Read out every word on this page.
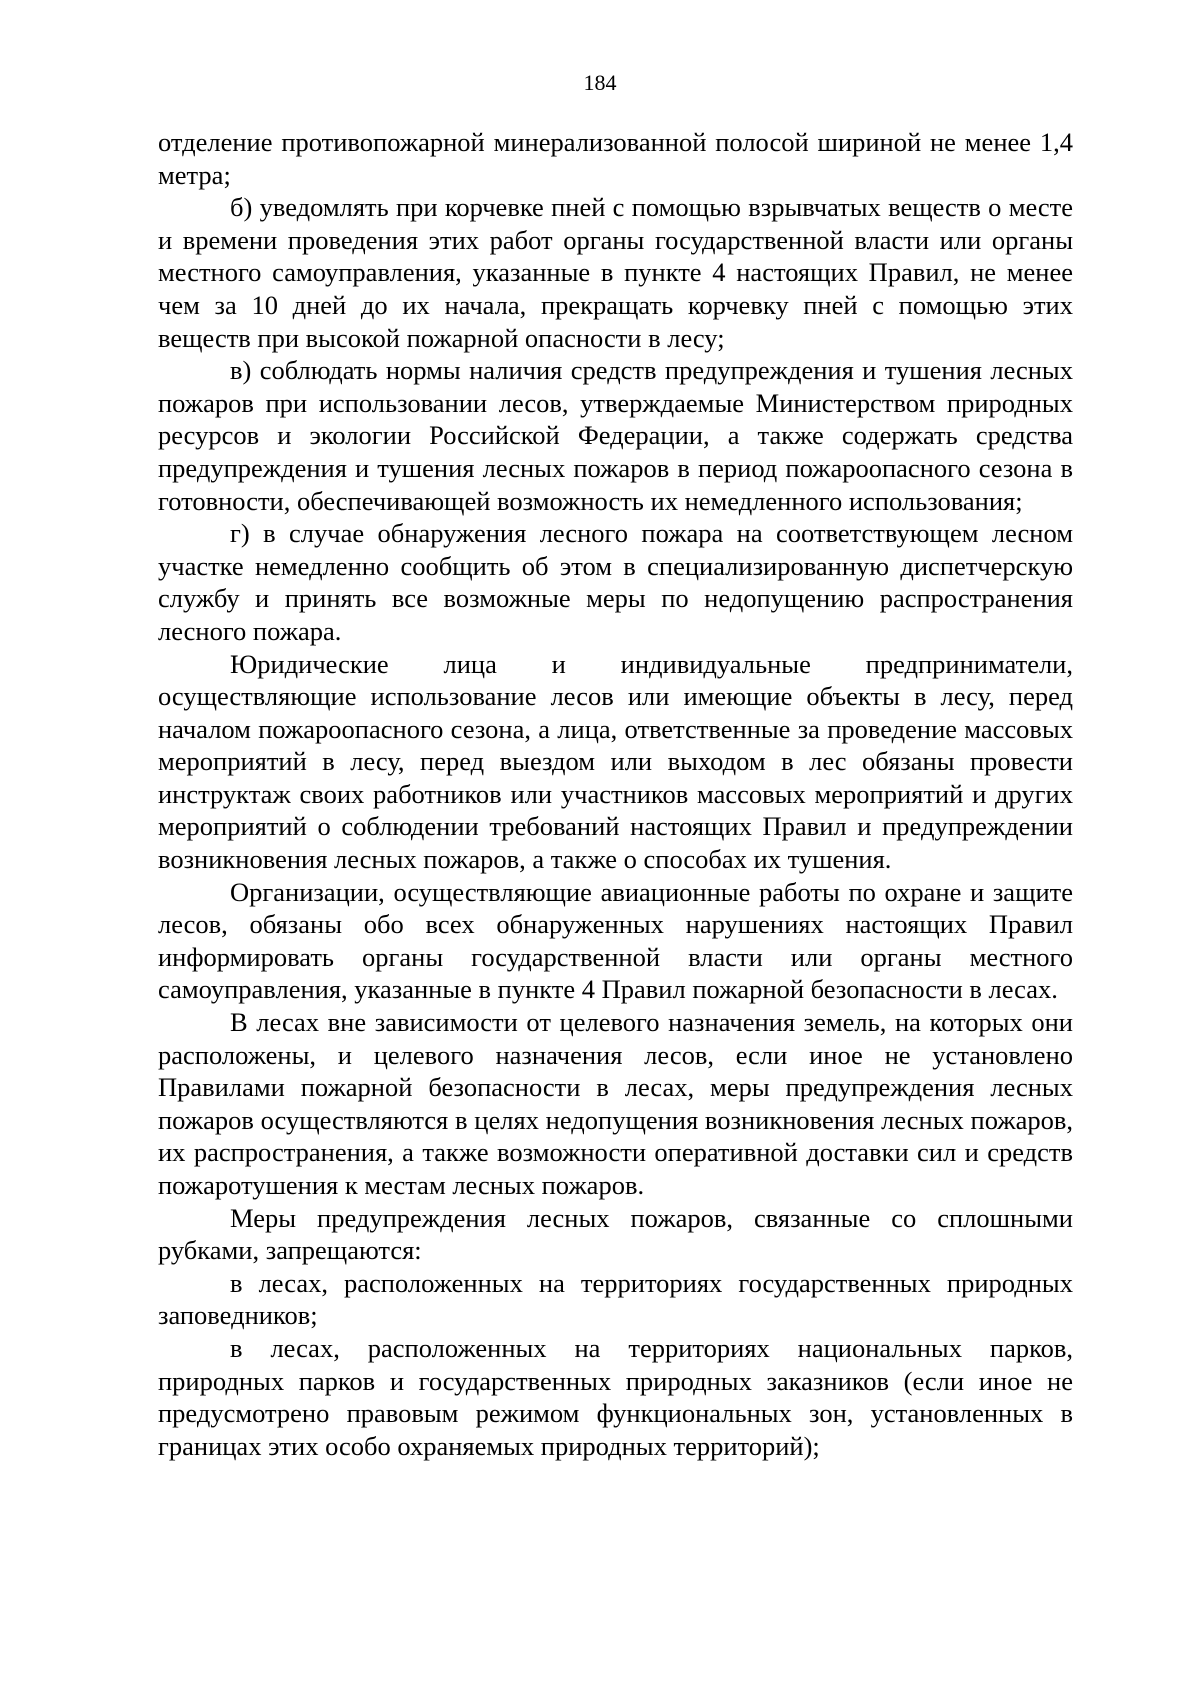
184

отделение противопожарной минерализованной полосой шириной не менее 1,4 метра;

б) уведомлять при корчевке пней с помощью взрывчатых веществ о месте и времени проведения этих работ органы государственной власти или органы местного самоуправления, указанные в пункте 4 настоящих Правил, не менее чем за 10 дней до их начала, прекращать корчевку пней с помощью этих веществ при высокой пожарной опасности в лесу;

в) соблюдать нормы наличия средств предупреждения и тушения лесных пожаров при использовании лесов, утверждаемые Министерством природных ресурсов и экологии Российской Федерации, а также содержать средства предупреждения и тушения лесных пожаров в период пожароопасного сезона в готовности, обеспечивающей возможность их немедленного использования;

г) в случае обнаружения лесного пожара на соответствующем лесном участке немедленно сообщить об этом в специализированную диспетчерскую службу и принять все возможные меры по недопущению распространения лесного пожара.

Юридические лица и индивидуальные предприниматели, осуществляющие использование лесов или имеющие объекты в лесу, перед началом пожароопасного сезона, а лица, ответственные за проведение массовых мероприятий в лесу, перед выездом или выходом в лес обязаны провести инструктаж своих работников или участников массовых мероприятий и других мероприятий о соблюдении требований настоящих Правил и предупреждении возникновения лесных пожаров, а также о способах их тушения.

Организации, осуществляющие авиационные работы по охране и защите лесов, обязаны обо всех обнаруженных нарушениях настоящих Правил информировать органы государственной власти или органы местного самоуправления, указанные в пункте 4 Правил пожарной безопасности в лесах.

В лесах вне зависимости от целевого назначения земель, на которых они расположены, и целевого назначения лесов, если иное не установлено Правилами пожарной безопасности в лесах, меры предупреждения лесных пожаров осуществляются в целях недопущения возникновения лесных пожаров, их распространения, а также возможности оперативной доставки сил и средств пожаротушения к местам лесных пожаров.

Меры предупреждения лесных пожаров, связанные со сплошными рубками, запрещаются:

в лесах, расположенных на территориях государственных природных заповедников;

в лесах, расположенных на территориях национальных парков, природных парков и государственных природных заказников (если иное не предусмотрено правовым режимом функциональных зон, установленных в границах этих особо охраняемых природных территорий);
